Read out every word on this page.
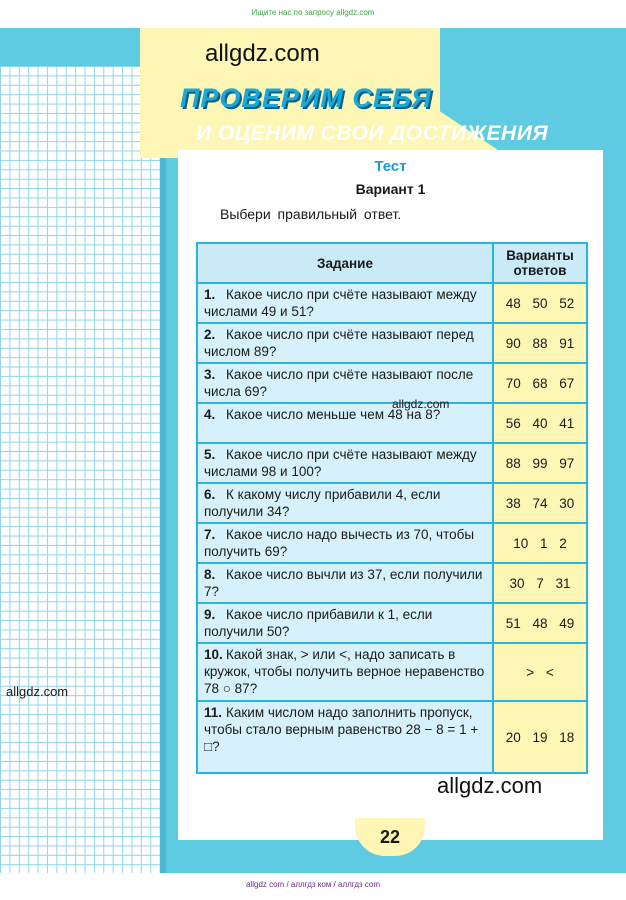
Ищите нас по запросу allgdz.com
allgdz.com
ПРОВЕРИМ СЕБЯ
И ОЦЕНИМ СВОИ ДОСТИЖЕНИЯ
Тест
Вариант 1
Выбери правильный ответ.
Задание	Варианты ответов
1. Какое число при счёте называют между числами 49 и 51?	48 50 52
2. Какое число при счёте называют перед числом 89?	90 88 91
3. Какое число при счёте называют после числа 69?	70 68 67
4. Какое число меньше чем 48 на 8?	56 40 41
5. Какое число при счёте называют между числами 98 и 100?	88 99 97
6. К какому числу прибавили 4, если получили 34?	38 74 30
7. Какое число надо вычесть из 70, чтобы получить 69?	10 1 2
8. Какое число вычли из 37, если получили 7?	30 7 31
9. Какое число прибавили к 1, если получили 50?	51 48 49
10. Какой знак, > или <, надо записать в кружок, чтобы получить верное неравенство 78 ○ 87?	> <
11. Каким числом надо заполнить пропуск, чтобы стало верным равенство 28 − 8 = 1 + □?	20 19 18
22
allgdz.com
allgdz.com
allgdz.com
allgdz com / аллгдз ком / аллгдз com
